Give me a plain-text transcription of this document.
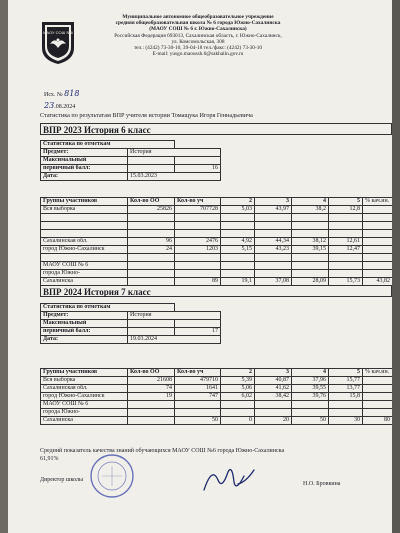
МАОУ СОШ №6
Муниципальное автономное общеобразовательное учреждение
средняя общеобразовательная школа № 6 города Южно-Сахалинска
(МАОУ СОШ № 6 г. Южно-Сахалинска)
Российская Федерация 693013, Сахалинская область, г. Южно-Сахалинск,
ул. Комсомольская, 308
тел.: (4242) 73-30-10, 39-04-18 тел./факс: (4242) 73-30-10
E-mail: yusgo.maoussh.6@sakhalin.gov.ru
Исх. № 818
23.08.2024
Статистика по результатам ВПР учителя истории Томащука Игоря Геннадьевича
ВПР 2023 История 6 класс
Статистика по отметкам			
Предмет:	История		
Максимальный			
первичный балл:		16	
Дата:	15.03.2023		
Группы участников	Кол-во ОО	Кол-во уч	2	3	4	5	% кач.ин.
Вся выборка	25826	707728	5,03	43,97	38,2	12,8	

Сахалинская обл.	96	2476	4,92	44,34	38,12	12,61	
город Южно-Сахалинск	24	1203	5,15	43,23	39,15	12,47	

МАОУ СОШ № 6							
города Южно-							
Сахалинска		89	19,1	37,08	28,09	15,73	43,82
ВПР 2024 История 7 класс
Статистика по отметкам			
Предмет:	История		
Максимальный			
первичный балл:		17	
Дата:	19.03.2024		
Группы участников	Кол-во ОО	Кол-во уч	2	3	4	5	% кач.ин.
Вся выборка	21608	479710	5,39	40,87	37,96	15,77	
Сахалинская обл.	74	1641	5,06	41,62	39,55	13,77	
город Южно-Сахалинск	19	747	6,02	38,42	39,76	15,8	
МАОУ СОШ № 6							
города Южно-							
Сахалинска		50	0	20	50	30	80
Средний показатель качества знаний обучающихся МАОУ СОШ №6 города Южно-Сахалинска
61,91%
Директор школы
Н.О. Бровкина
